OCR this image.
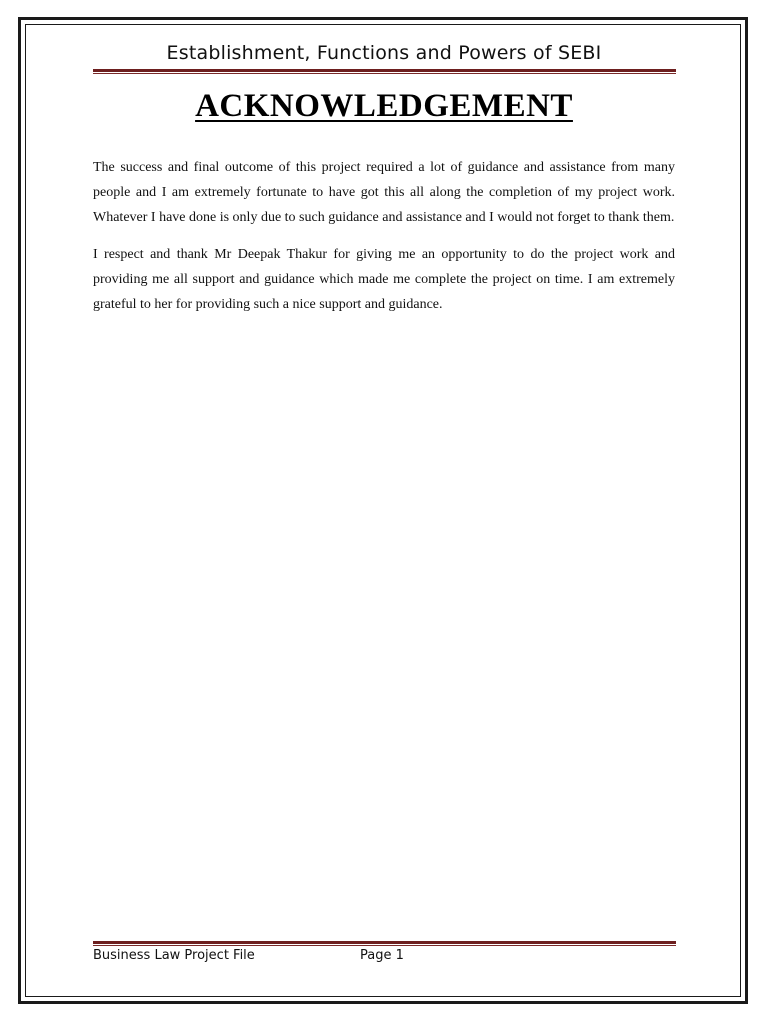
Establishment, Functions and Powers of SEBI
ACKNOWLEDGEMENT

The success and final outcome of this project required a lot of guidance and assistance from many people and I am extremely fortunate to have got this all along the completion of my project work. Whatever I have done is only due to such guidance and assistance and I would not forget to thank them.

I respect and thank Mr Deepak Thakur for giving me an opportunity to do the project work and providing me all support and guidance which made me complete the project on time. I am extremely grateful to her for providing such a nice support and guidance.

Business Law Project File	Page 1
